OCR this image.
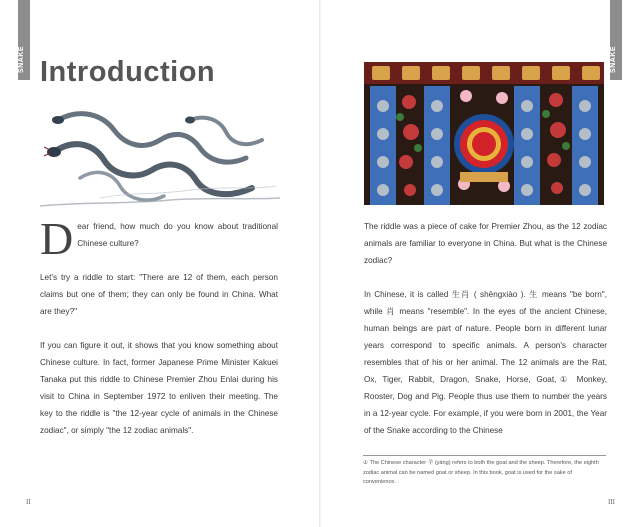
SNAKE Introduction

Dear friend, how much do you know about traditional Chinese culture?

Let's try a riddle to start: "There are 12 of them, each person claims but one of them; they can only be found in China. What are they?"

If you can figure it out, it shows that you know something about Chinese culture. In fact, former Japanese Prime Minister Kakuei Tanaka put this riddle to Chinese Premier Zhou Enlai during his visit to China in September 1972 to enliven their meeting. The key to the riddle is "the 12-year cycle of animals in the Chinese zodiac", or simply "the 12 zodiac animals".

II
SNAKE

The riddle was a piece of cake for Premier Zhou, as the 12 zodiac animals are familiar to everyone in China. But what is the Chinese zodiac?

In Chinese, it is called 生肖 ( shēngxiào ). 生 means "be born", while 肖 means "resemble". In the eyes of the ancient Chinese, human beings are part of nature. People born in different lunar years correspond to specific animals. A person's character resembles that of his or her animal. The 12 animals are the Rat, Ox, Tiger, Rabbit, Dragon, Snake, Horse, Goat,① Monkey, Rooster, Dog and Pig. People thus use them to number the years in a 12-year cycle. For example, if you were born in 2001, the Year of the Snake according to the Chinese

① The Chinese character 羊 (yáng) refers to both the goat and the sheep. Therefore, the eighth zodiac animal can be named goat or sheep. In this book, goat is used for the sake of convenience.

III
